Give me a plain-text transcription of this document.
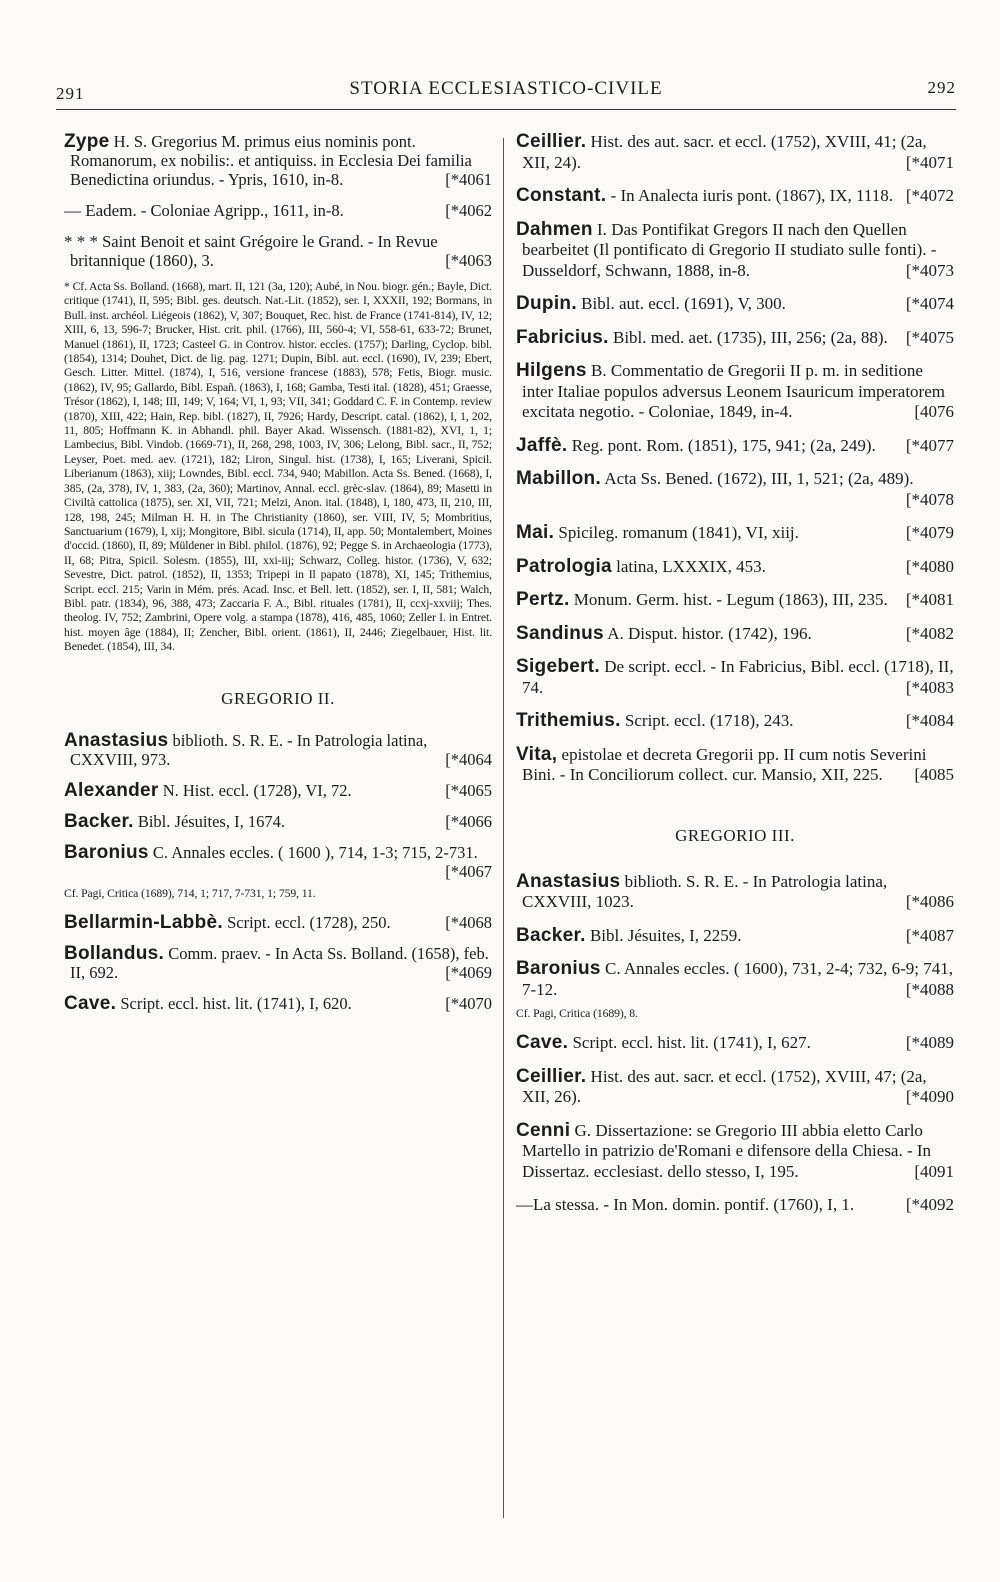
291	STORIA ECCLESIASTICO-CIVILE	292

Zype H. S. Gregorius M. primus eius nominis pont. Romanorum, ex nobilis:. et antiquiss. in Ecclesia Dei familia Benedictina oriundus. - Ypris, 1610, in-8.	[*4061

— Eadem. - Coloniae Agripp., 1611, in-8.	[*4062

* * * Saint Benoit et saint Grégoire le Grand. - In Revue britannique (1860), 3.	[*4063

* Cf. Acta Ss. Bolland. (1668), mart. II, 121 (3a, 120); Aubé, in Nou. biogr. gén.; Bayle, Dict. critique (1741), II, 595; Bibl. ges. deutsch. Nat.-Lit. (1852), ser. I, XXXII, 192; Bormans, in Bull. inst. archéol. Liégeois (1862), V, 307; Bouquet, Rec. hist. de France (1741-814), IV, 12; XIII, 6, 13, 596-7; Brucker, Hist. crit. phil. (1766), III, 560-4; VI, 558-61, 633-72; Brunet, Manuel (1861), II, 1723; Casteel G. in Controv. histor. eccles. (1757); Darling, Cyclop. bibl. (1854), 1314; Douhet, Dict. de lig. pag. 1271; Dupin, Bibl. aut. eccl. (1690), IV, 239; Ebert, Gesch. Litter. Mittel. (1874), I, 516, versione francese (1883), 578; Fetis, Biogr. music. (1862), IV, 95; Gallardo, Bibl. Españ. (1863), I, 168; Gamba, Testi ital. (1828), 451; Graesse, Trésor (1862), I, 148; III, 149; V, 164; VI, 1, 93; VII, 341; Goddard C. F. in Contemp. review (1870), XIII, 422; Hain, Rep. bibl. (1827), II, 7926; Hardy, Descript. catal. (1862), I, 1, 202, 11, 805; Hoffmann K. in Abhandl. phil. Bayer Akad. Wissensch. (1881-82), XVI, 1, 1; Lambecius, Bibl. Vindob. (1669-71), II, 268, 298, 1003, IV, 306; Lelong, Bibl. sacr., II, 752; Leyser, Poet. med. aev. (1721), 182; Liron, Singul. hist. (1738), I, 165; Liverani, Spicil. Liberianum (1863), xiij; Lowndes, Bibl. eccl. 734, 940; Mabillon. Acta Ss. Bened. (1668), I, 385, (2a, 378), IV, 1, 383, (2a, 360); Martinov, Annal. eccl. grèc-slav. (1864), 89; Masetti in Civiltà cattolica (1875), ser. XI, VII, 721; Melzi, Anon. ital. (1848), I, 180, 473, II, 210, III, 128, 198, 245; Milman H. H. in The Christianity (1860), ser. VIII, IV, 5; Mombritius, Sanctuarium (1679), I, xij; Mongitore, Bibl. sicula (1714), II, app. 50; Montalembert, Moines d'occid. (1860), II, 89; Müldener in Bibl. philol. (1876), 92; Pegge S. in Archaeologia (1773), II, 68; Pitra, Spicil. Solesm. (1855), III, xxi-iij; Schwarz, Colleg. histor. (1736), V, 632; Sevestre, Dict. patrol. (1852), II, 1353; Tripepi in Il papato (1878), XI, 145; Trithemius, Script. eccl. 215; Varin in Mém. prés. Acad. Insc. et Bell. lett. (1852), ser. I, II, 581; Walch, Bibl. patr. (1834), 96, 388, 473; Zaccaria F. A., Bibl. rituales (1781), II, ccxj-xxviij; Thes. theolog. IV, 752; Zambrini, Opere volg. a stampa (1878), 416, 485, 1060; Zeller I. in Entret. hist. moyen âge (1884), II; Zencher, Bibl. orient. (1861), II, 2446; Ziegelbauer, Hist. lit. Benedet. (1854), III, 34.
GREGORIO II.

Anastasius biblioth. S. R. E. - In Patrologia latina, CXXVIII, 973.	[*4064

Alexander N. Hist. eccl. (1728), VI, 72.	[*4065

Backer. Bibl. Jésuites, I, 1674.	[*4066

Baronius C. Annales eccles. ( 1600 ), 714, 1-3; 715, 2-731.
[*4067

Cf. Pagi, Critica (1689), 714, 1; 717, 7-731, 1; 759, 11.

Bellarmin-Labbè. Script. eccl. (1728), 250.	[*4068

Bollandus. Comm. praev. - In Acta Ss. Bolland. (1658), feb. II, 692.	[*4069

Cave. Script. eccl. hist. lit. (1741), I, 620.	[*4070

Ceillier. Hist. des aut. sacr. et eccl. (1752), XVIII, 41; (2a, XII, 24).	[*4071

Constant. - In Analecta iuris pont. (1867), IX, 1118. [*4072

Dahmen I. Das Pontifikat Gregors II nach den Quellen bearbeitet (Il pontificato di Gregorio II studiato sulle fonti). - Dusseldorf, Schwann, 1888, in-8.	[*4073

Dupin. Bibl. aut. eccl. (1691), V, 300.	[*4074

Fabricius. Bibl. med. aet. (1735), III, 256; (2a, 88). [*4075

Hilgens B. Commentatio de Gregorii II p. m. in seditione inter Italiae populos adversus Leonem Isauricum imperatorem excitata negotio. - Coloniae, 1849, in-4.	[4076

Jaffè. Reg. pont. Rom. (1851), 175, 941; (2a, 249). [*4077

Mabillon. Acta Ss. Bened. (1672), III, 1, 521; (2a, 489).
[*4078

Mai. Spicileg. romanum (1841), VI, xiij.	[*4079

Patrologia latina, LXXXIX, 453.	[*4080

Pertz. Monum. Germ. hist. - Legum (1863), III, 235. [*4081

Sandinus A. Disput. histor. (1742), 196.	[*4082

Sigebert. De script. eccl. - In Fabricius, Bibl. eccl. (1718), II, 74.	[*4083

Trithemius. Script. eccl. (1718), 243.	[*4084

Vita, epistolae et decreta Gregorii pp. II cum notis Severini Bini. - In Conciliorum collect. cur. Mansio, XII, 225. [4085

GREGORIO III.

Anastasius biblioth. S. R. E. - In Patrologia latina, CXXVIII, 1023.	[*4086

Backer. Bibl. Jésuites, I, 2259.	[*4087

Baronius C. Annales eccles. ( 1600), 731, 2-4; 732, 6-9; 741, 7-12.	[*4088

Cf. Pagi, Critica (1689), 8.

Cave. Script. eccl. hist. lit. (1741), I, 627.	[*4089

Ceillier. Hist. des aut. sacr. et eccl. (1752), XVIII, 47; (2a, XII, 26).	[*4090

Cenni G. Dissertazione: se Gregorio III abbia eletto Carlo Martello in patrizio de'Romani e difensore della Chiesa. - In Dissertaz. ecclesiast. dello stesso, I, 195.	[4091

—La stessa. - In Mon. domin. pontif. (1760), I, 1.	[*4092
